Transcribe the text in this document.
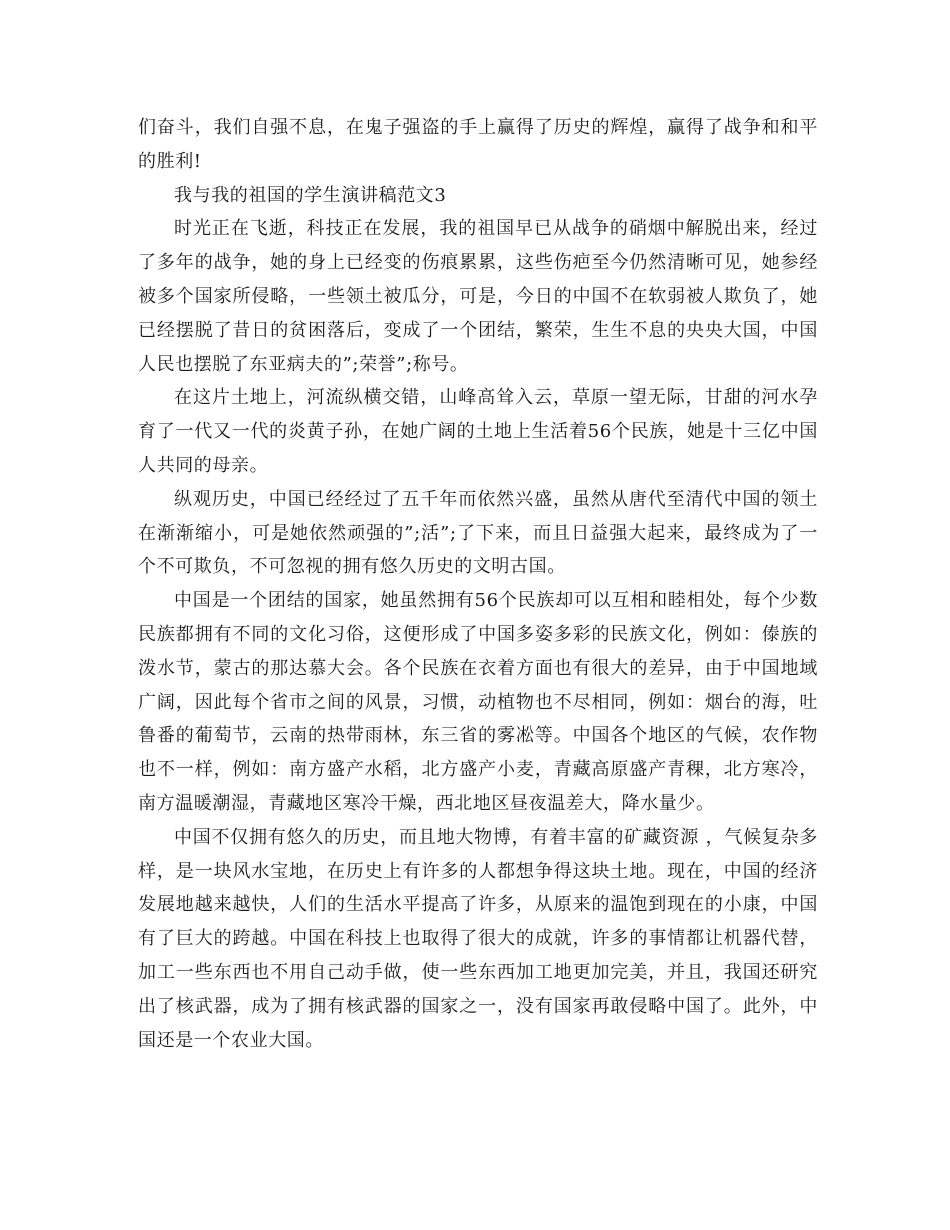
们奋斗，我们自强不息，在鬼子强盗的手上赢得了历史的辉煌，赢得了战争和和平的胜利!

我与我的祖国的学生演讲稿范文3

时光正在飞逝，科技正在发展，我的祖国早已从战争的硝烟中解脱出来，经过了多年的战争，她的身上已经变的伤痕累累，这些伤疤至今仍然清晰可见，她参经被多个国家所侵略，一些领土被瓜分，可是，今日的中国不在软弱被人欺负了，她已经摆脱了昔日的贫困落后，变成了一个团结，繁荣，生生不息的央央大国，中国人民也摆脱了东亚病夫的”;荣誉”;称号。

在这片土地上，河流纵横交错，山峰高耸入云，草原一望无际，甘甜的河水孕育了一代又一代的炎黄子孙，在她广阔的土地上生活着56个民族，她是十三亿中国人共同的母亲。

纵观历史，中国已经经过了五千年而依然兴盛，虽然从唐代至清代中国的领土在渐渐缩小，可是她依然顽强的”;活”;了下来，而且日益强大起来，最终成为了一个不可欺负，不可忽视的拥有悠久历史的文明古国。

中国是一个团结的国家，她虽然拥有56个民族却可以互相和睦相处，每个少数民族都拥有不同的文化习俗，这便形成了中国多姿多彩的民族文化，例如：傣族的泼水节，蒙古的那达慕大会。各个民族在衣着方面也有很大的差异，由于中国地域广阔，因此每个省市之间的风景，习惯，动植物也不尽相同，例如：烟台的海，吐鲁番的葡萄节，云南的热带雨林，东三省的雾凇等。中国各个地区的气候，农作物也不一样，例如：南方盛产水稻，北方盛产小麦，青藏高原盛产青稞，北方寒冷，南方温暖潮湿，青藏地区寒冷干燥，西北地区昼夜温差大，降水量少。

中国不仅拥有悠久的历史，而且地大物博，有着丰富的矿藏资源 ，气候复杂多样，是一块风水宝地，在历史上有许多的人都想争得这块土地。现在，中国的经济发展地越来越快，人们的生活水平提高了许多，从原来的温饱到现在的小康，中国有了巨大的跨越。中国在科技上也取得了很大的成就，许多的事情都让机器代替，加工一些东西也不用自己动手做，使一些东西加工地更加完美，并且，我国还研究出了核武器，成为了拥有核武器的国家之一，没有国家再敢侵略中国了。此外，中国还是一个农业大国。
